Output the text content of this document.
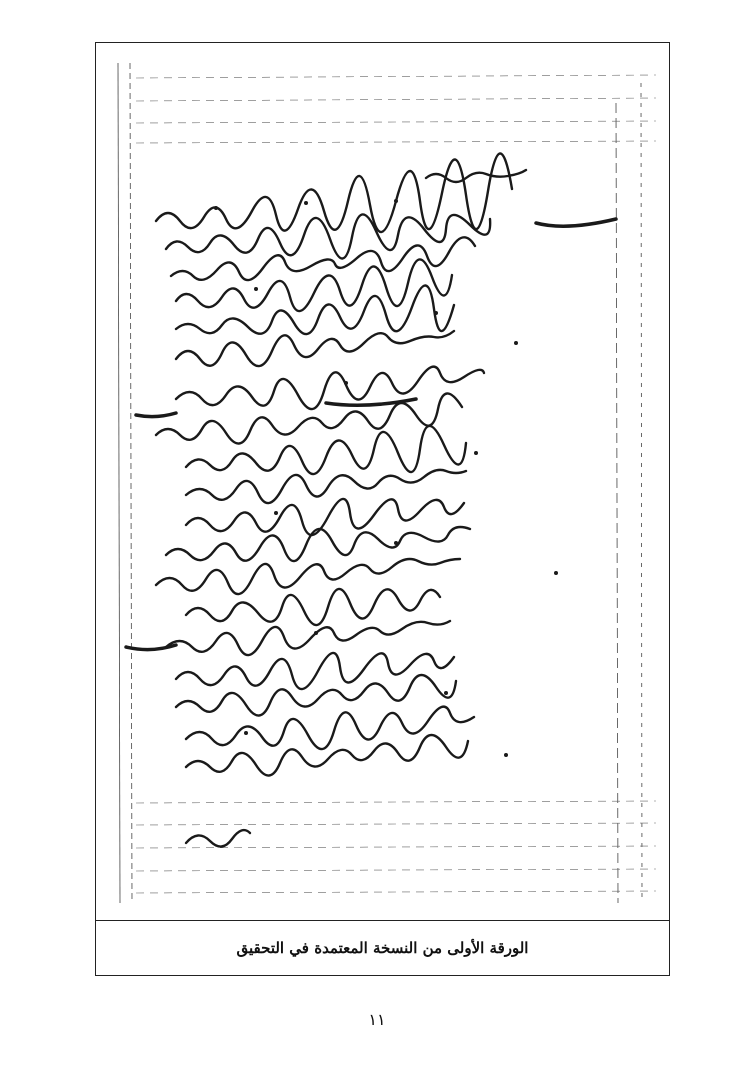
الورقة الأولى من النسخة المعتمدة في التحقيق
١١
